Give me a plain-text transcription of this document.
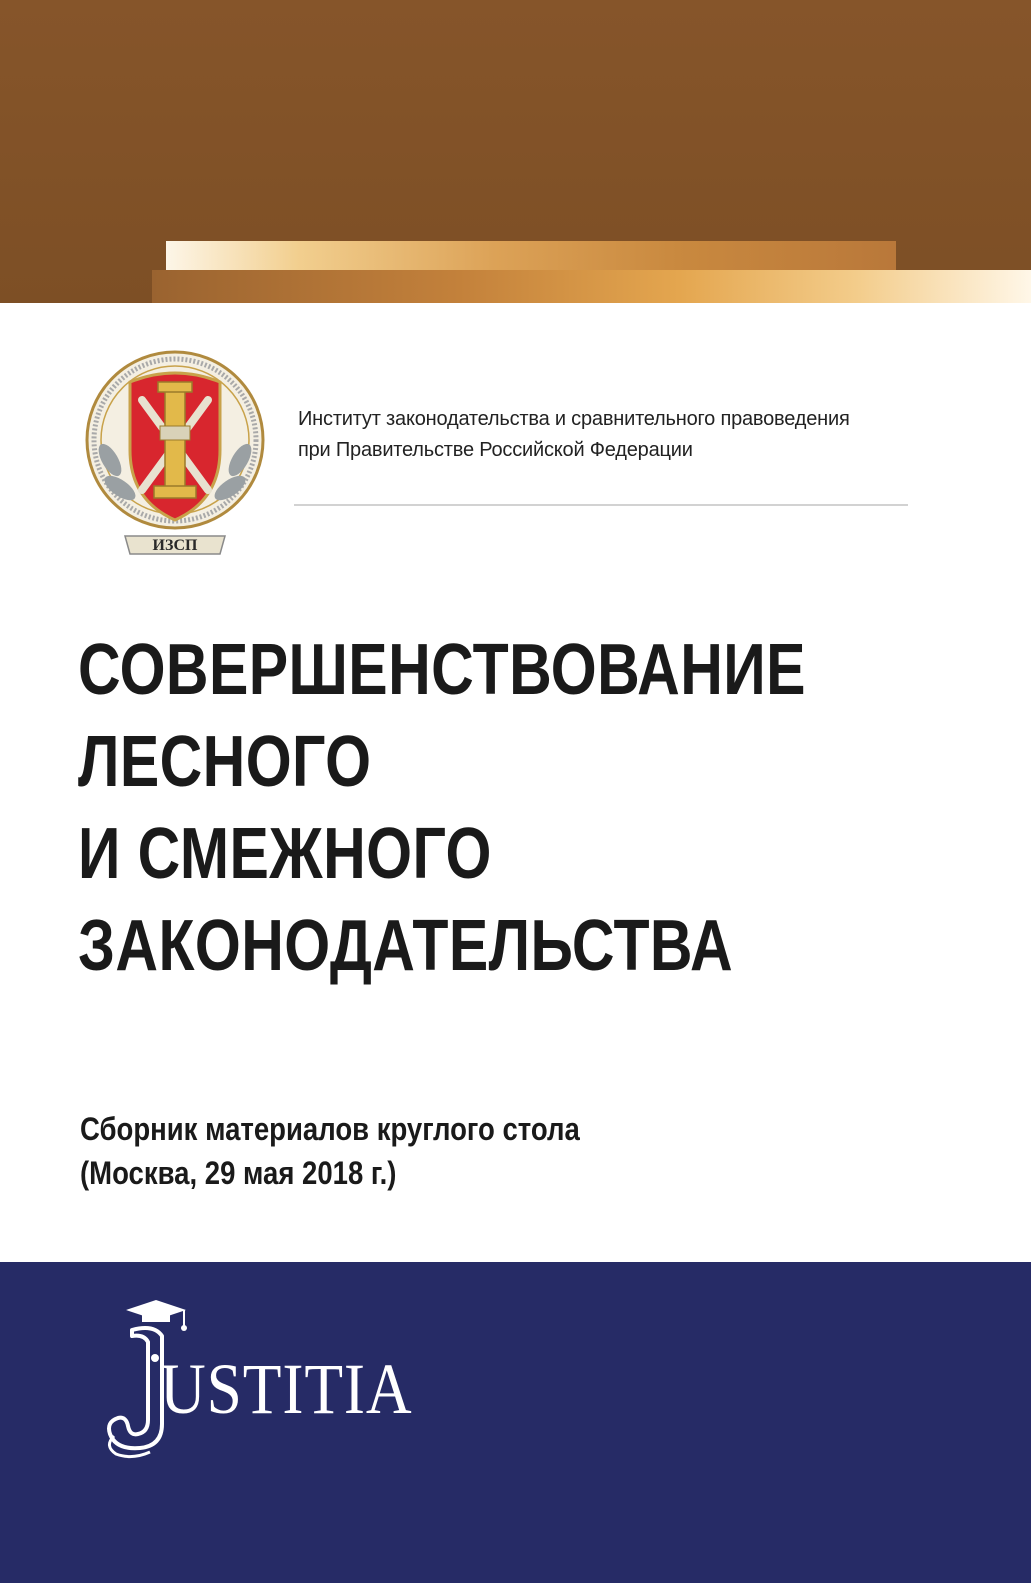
ИЗСП
Институт законодательства и сравнительного правоведения
при Правительстве Российской Федерации
СОВЕРШЕНСТВОВАНИЕ
ЛЕСНОГО
И СМЕЖНОГО
ЗАКОНОДАТЕЛЬСТВА
Сборник материалов круглого стола
(Москва, 29 мая 2018 г.)
USTITIA
